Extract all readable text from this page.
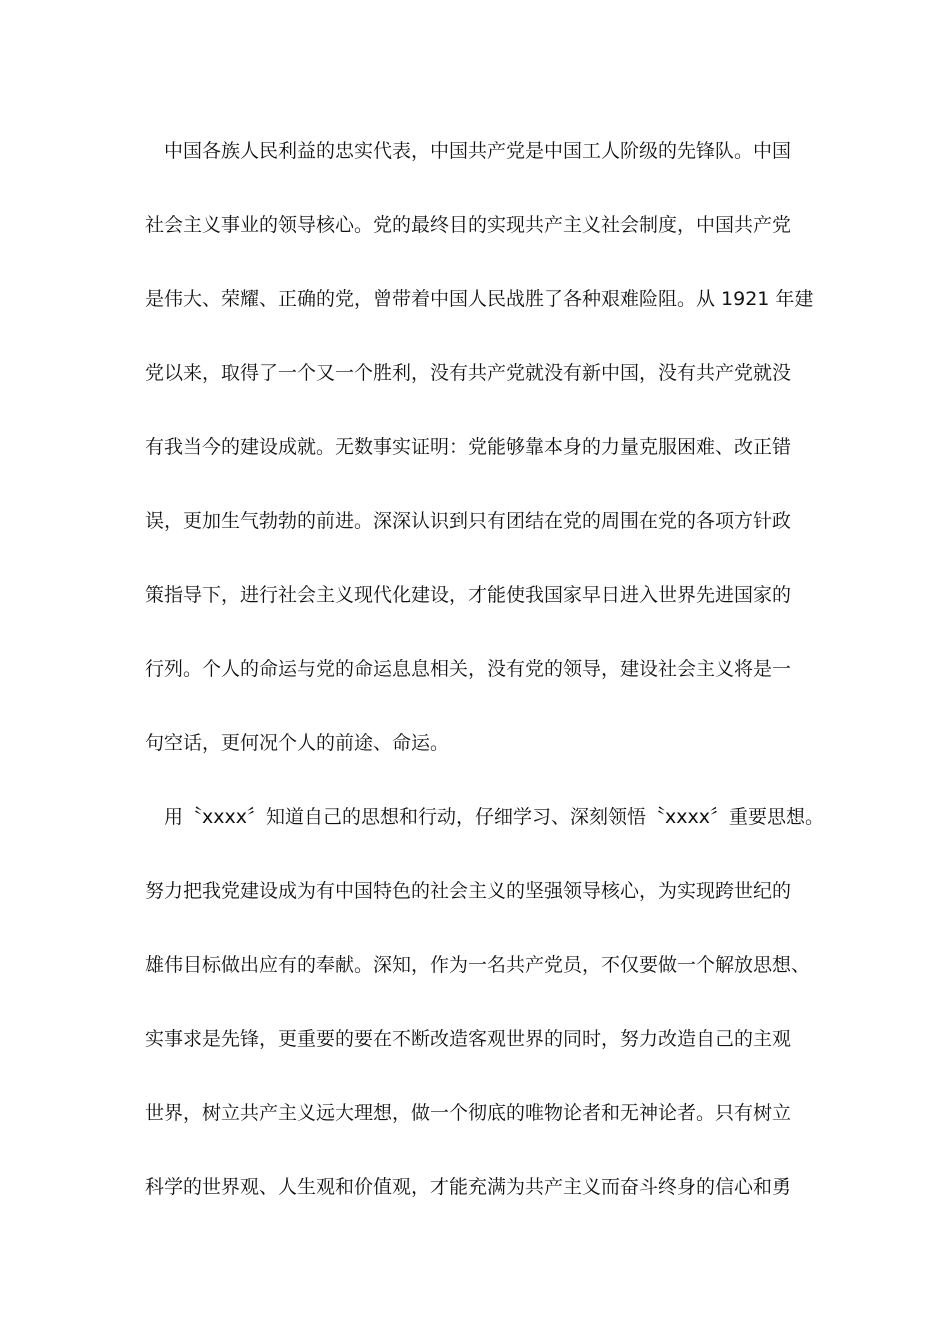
　中国各族人民利益的忠实代表，中国共产党是中国工人阶级的先锋队。中国
社会主义事业的领导核心。党的最终目的实现共产主义社会制度，中国共产党
是伟大、荣耀、正确的党，曾带着中国人民战胜了各种艰难险阻。从 1921 年建
党以来，取得了一个又一个胜利，没有共产党就没有新中国，没有共产党就没
有我当今的建设成就。无数事实证明：党能够靠本身的力量克服困难、改正错
误，更加生气勃勃的前进。深深认识到只有团结在党的周围在党的各项方针政
策指导下，进行社会主义现代化建设，才能使我国家早日进入世界先进国家的
行列。个人的命运与党的命运息息相关，没有党的领导，建设社会主义将是一
句空话，更何况个人的前途、命运。
　用〝xxxx〞知道自己的思想和行动，仔细学习、深刻领悟〝xxxx〞重要思想。
努力把我党建设成为有中国特色的社会主义的坚强领导核心，为实现跨世纪的
雄伟目标做出应有的奉献。深知，作为一名共产党员，不仅要做一个解放思想、
实事求是先锋，更重要的要在不断改造客观世界的同时，努力改造自己的主观
世界，树立共产主义远大理想，做一个彻底的唯物论者和无神论者。只有树立
科学的世界观、人生观和价值观，才能充满为共产主义而奋斗终身的信心和勇
